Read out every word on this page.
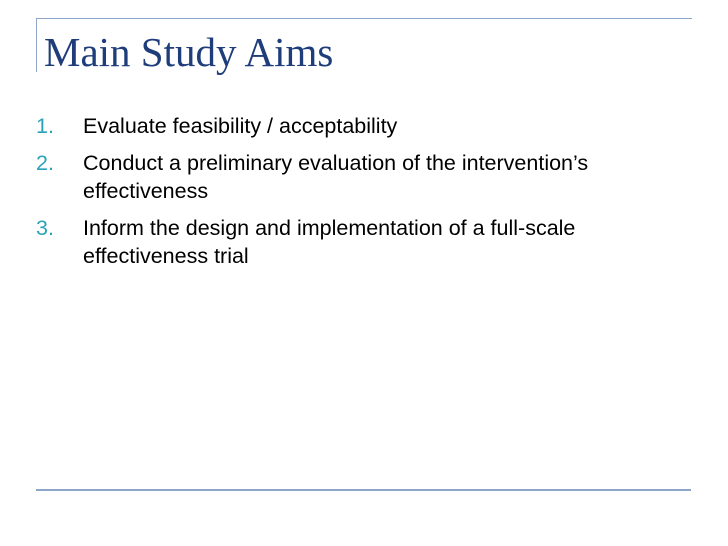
Main Study Aims
1. Evaluate feasibility / acceptability
2. Conduct a preliminary evaluation of the intervention’s effectiveness
3. Inform the design and implementation of a full-scale effectiveness trial
